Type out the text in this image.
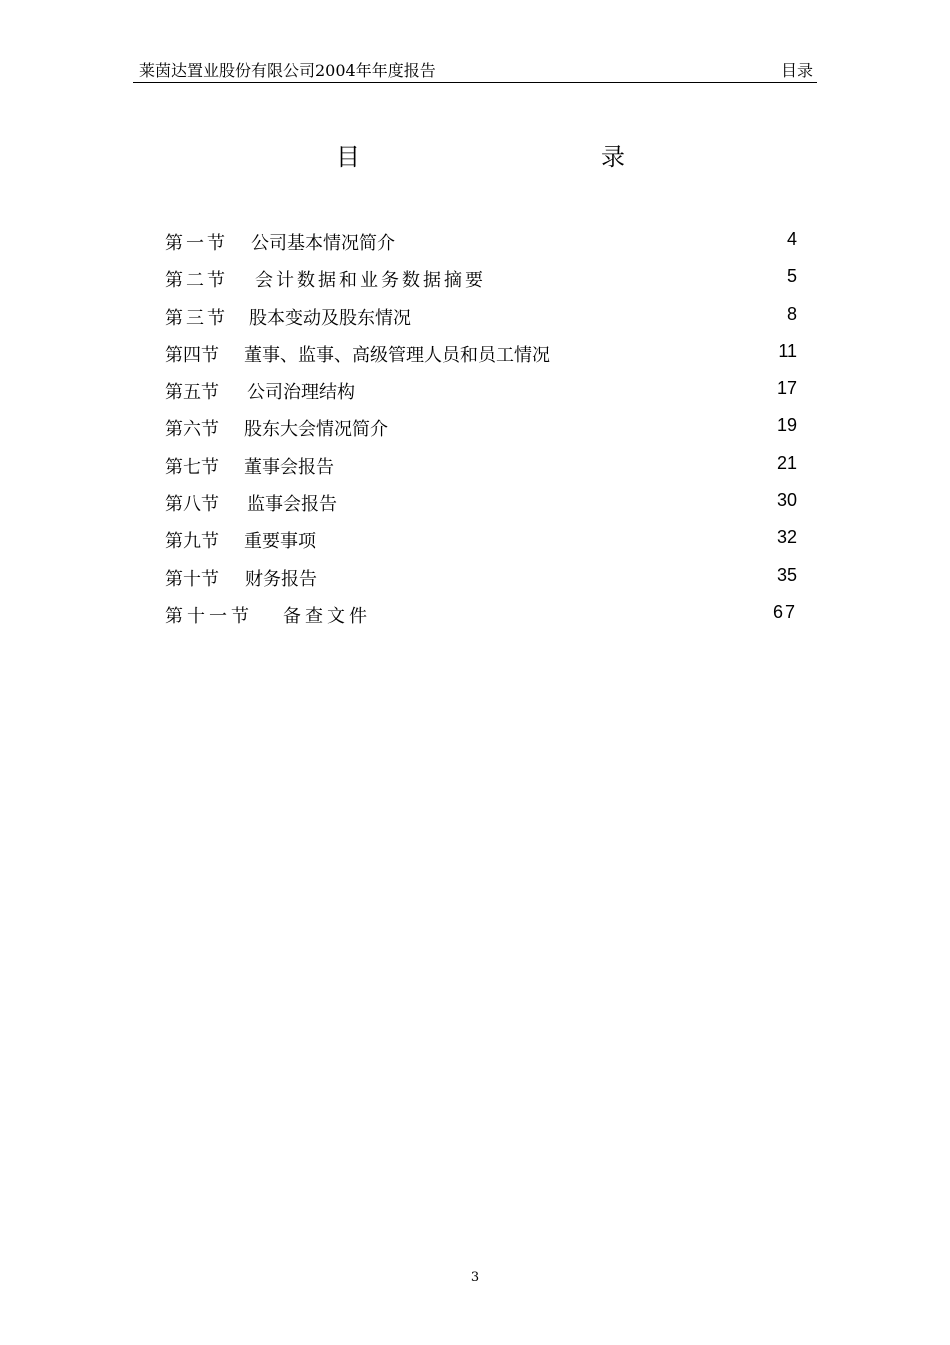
莱茵达置业股份有限公司2004年年度报告	目录
目	录
第一节 公司基本情况简介	4
第二节 会计数据和业务数据摘要	5
第三节 股本变动及股东情况	8
第四节 董事、监事、高级管理人员和员工情况	11
第五节 公司治理结构	17
第六节 股东大会情况简介	19
第七节 董事会报告	21
第八节 监事会报告	30
第九节 重要事项	32
第十节 财务报告	35
第十一节 备查文件	67
3
